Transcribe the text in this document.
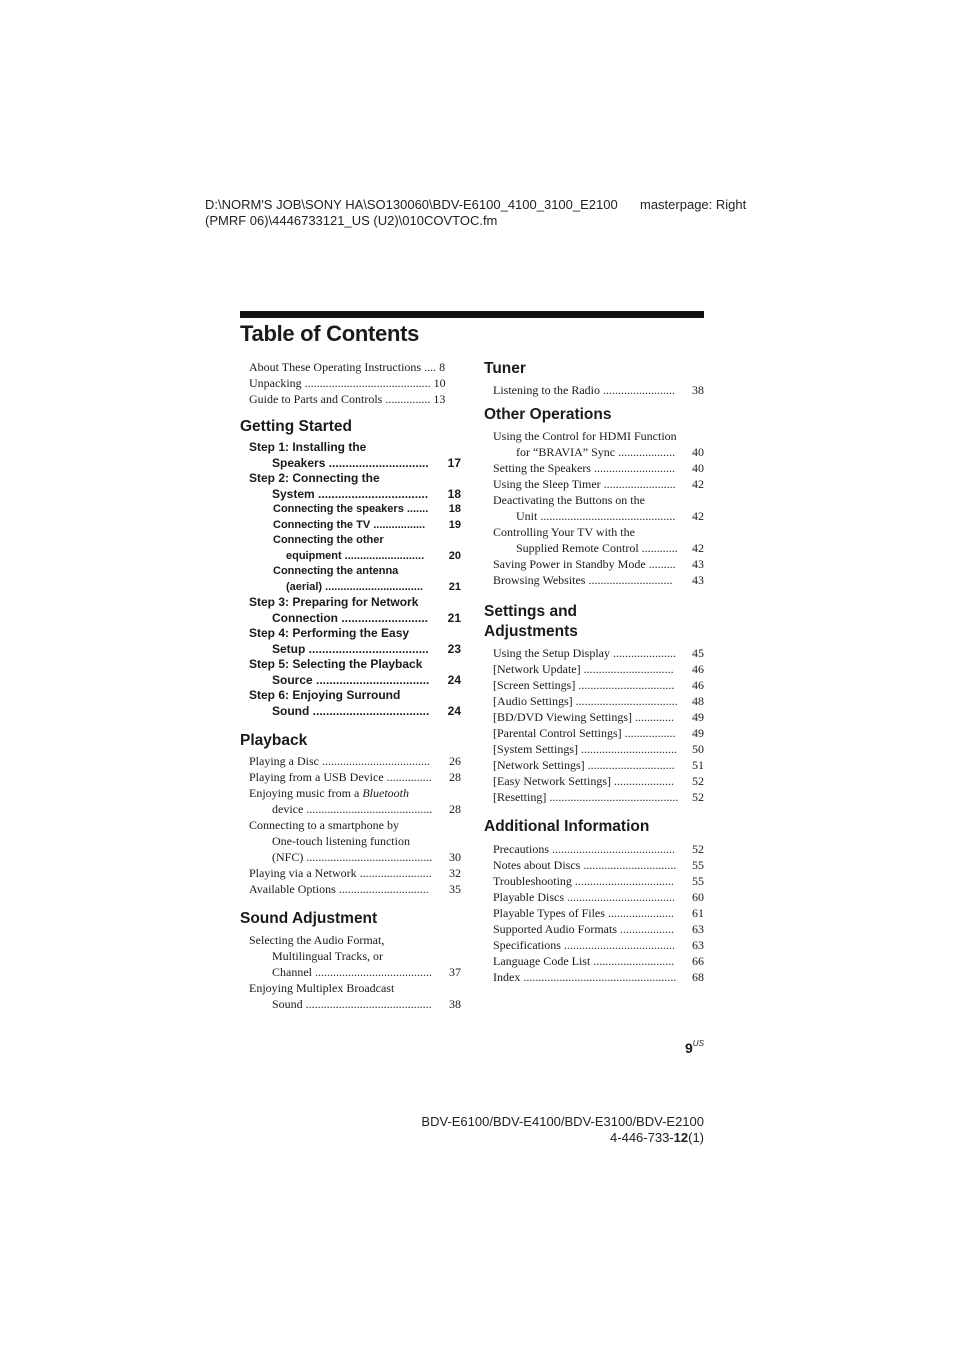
D:\NORM'S JOB\SONY HA\SO130060\BDV-E6100_4100_3100_E2100
(PMRF 06)\4446733121_US (U2)\010COVTOC.fm
masterpage: Right
Table of Contents
About These Operating Instructions .... 8
Unpacking .......................................... 10
Guide to Parts and Controls ............... 13
Getting Started
Step 1: Installing the
Speakers .............................. 17
Step 2: Connecting the
System ................................. 18
Connecting the speakers ....... 18
Connecting the TV ................. 19
Connecting the other
equipment .......................... 20
Connecting the antenna
(aerial) ................................ 21
Step 3: Preparing for Network
Connection .......................... 21
Step 4: Performing the Easy
Setup .................................... 23
Step 5: Selecting the Playback
Source .................................. 24
Step 6: Enjoying Surround
Sound ................................... 24
Playback
Playing a Disc .................................... 26
Playing from a USB Device ............... 28
Enjoying music from a Bluetooth
device .......................................... 28
Connecting to a smartphone by
One-touch listening function
(NFC) .......................................... 30
Playing via a Network ........................ 32
Available Options .............................. 35
Sound Adjustment
Selecting the Audio Format,
Multilingual Tracks, or
Channel ....................................... 37
Enjoying Multiplex Broadcast
Sound .......................................... 38
Tuner
Listening to the Radio ........................ 38
Other Operations
Using the Control for HDMI Function
for “BRAVIA” Sync ................... 40
Setting the Speakers ........................... 40
Using the Sleep Timer ........................ 42
Deactivating the Buttons on the
Unit ............................................. 42
Controlling Your TV with the
Supplied Remote Control ............ 42
Saving Power in Standby Mode ......... 43
Browsing Websites ............................ 43
Settings and
Adjustments
Using the Setup Display ..................... 45
[Network Update] .............................. 46
[Screen Settings] ................................ 46
[Audio Settings] .................................. 48
[BD/DVD Viewing Settings] ............. 49
[Parental Control Settings] ................. 49
[System Settings] ................................ 50
[Network Settings] ............................. 51
[Easy Network Settings] .................... 52
[Resetting] ........................................... 52
Additional Information
Precautions ......................................... 52
Notes about Discs ............................... 55
Troubleshooting ................................. 55
Playable Discs .................................... 60
Playable Types of Files ...................... 61
Supported Audio Formats .................. 63
Specifications ..................................... 63
Language Code List ........................... 66
Index ................................................... 68
$9^{US}$
BDV-E6100/BDV-E4100/BDV-E3100/BDV-E2100
4-446-733-12(1)
